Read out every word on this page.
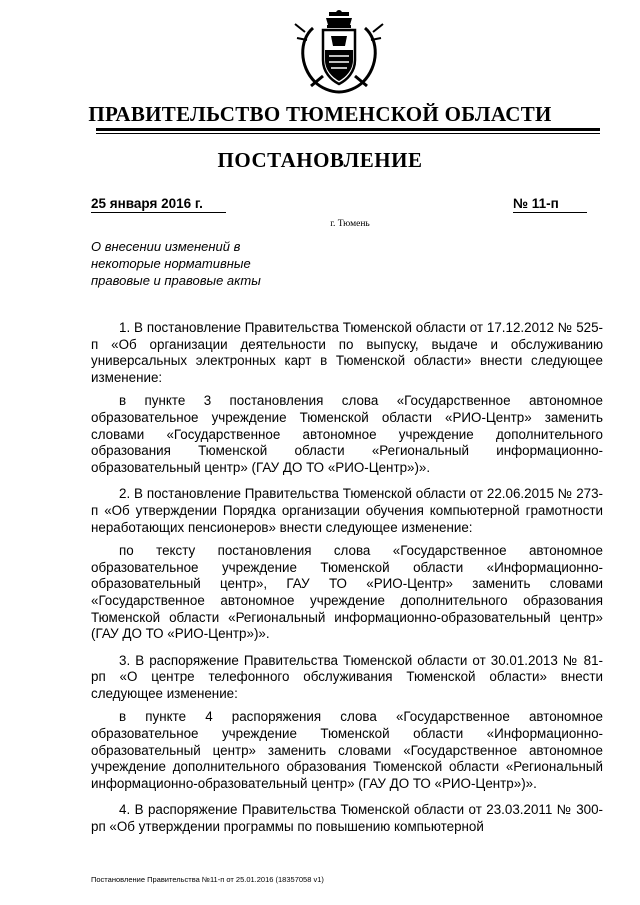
ПРАВИТЕЛЬСТВО ТЮМЕНСКОЙ ОБЛАСТИ
ПОСТАНОВЛЕНИЕ
25 января 2016 г.	№ 11-п
г. Тюмень
О внесении изменений в некоторые нормативные правовые и правовые акты

1. В постановление Правительства Тюменской области от 17.12.2012 № 525-п «Об организации деятельности по выпуску, выдаче и обслуживанию универсальных электронных карт в Тюменской области» внести следующее изменение:

в пункте 3 постановления слова «Государственное автономное образовательное учреждение Тюменской области «РИО-Центр» заменить словами «Государственное автономное учреждение дополнительного образования Тюменской области «Региональный информационно-образовательный центр» (ГАУ ДО ТО «РИО-Центр»)».

2. В постановление Правительства Тюменской области от 22.06.2015 № 273-п «Об утверждении Порядка организации обучения компьютерной грамотности неработающих пенсионеров» внести следующее изменение:

по тексту постановления слова «Государственное автономное образовательное учреждение Тюменской области «Информационно-образовательный центр», ГАУ ТО «РИО-Центр» заменить словами «Государственное автономное учреждение дополнительного образования Тюменской области «Региональный информационно-образовательный центр» (ГАУ ДО ТО «РИО-Центр»)».

3. В распоряжение Правительства Тюменской области от 30.01.2013 № 81-рп «О центре телефонного обслуживания Тюменской области» внести следующее изменение:

в пункте 4 распоряжения слова «Государственное автономное образовательное учреждение Тюменской области «Информационно-образовательный центр» заменить словами «Государственное автономное учреждение дополнительного образования Тюменской области «Региональный информационно-образовательный центр» (ГАУ ДО ТО «РИО-Центр»)».

4. В распоряжение Правительства Тюменской области от 23.03.2011 № 300-рп «Об утверждении программы по повышению компьютерной

Постановление Правительства №11-п от 25.01.2016 (18357058 v1)
